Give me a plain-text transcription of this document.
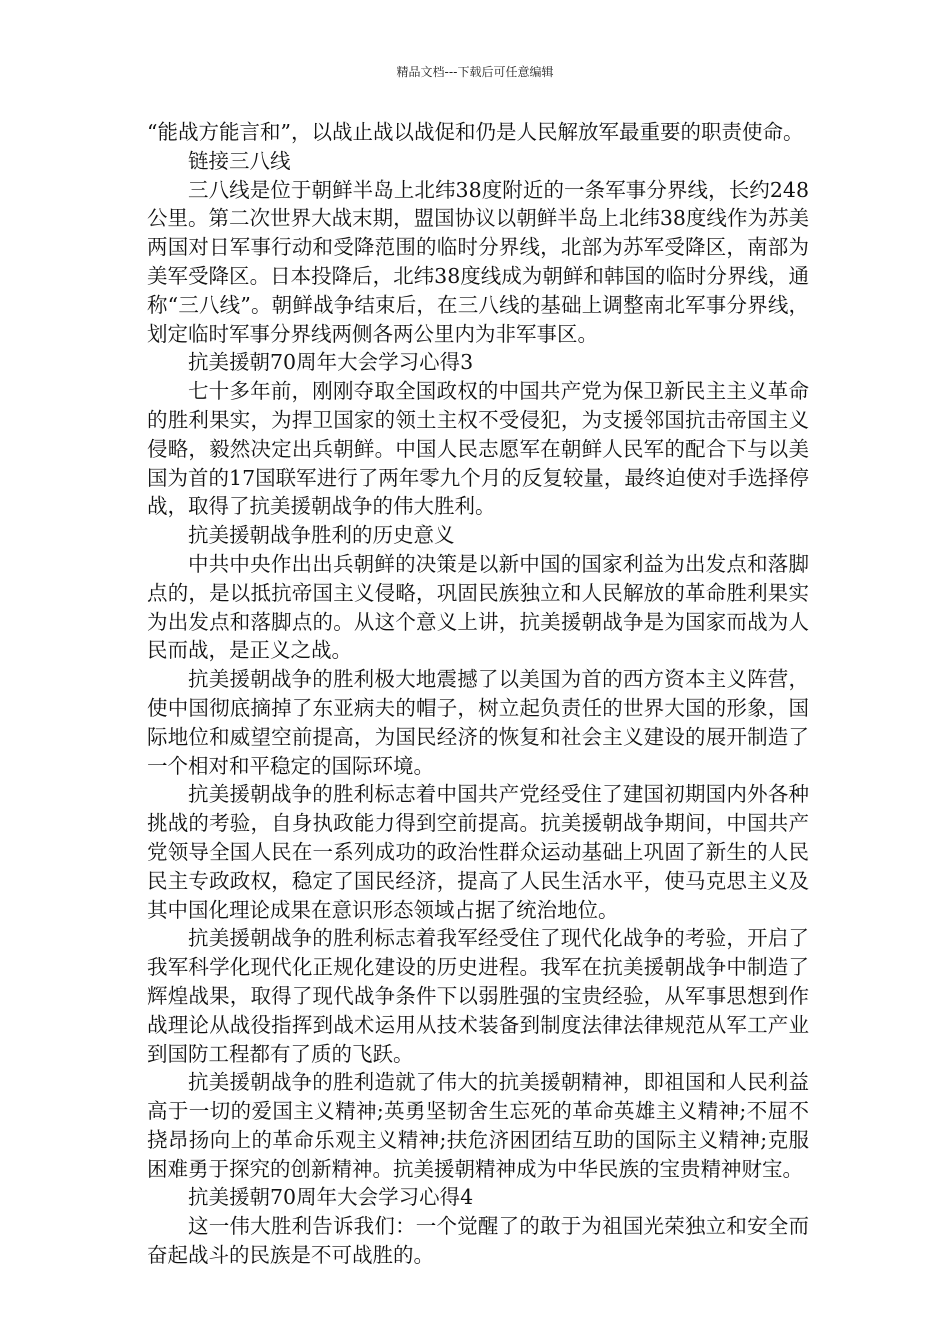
精品文档---下载后可任意编辑

“能战方能言和”，以战止战以战促和仍是人民解放军最重要的职责使命。

链接三八线

三八线是位于朝鲜半岛上北纬38度附近的一条军事分界线，长约248公里。第二次世界大战末期，盟国协议以朝鲜半岛上北纬38度线作为苏美两国对日军事行动和受降范围的临时分界线，北部为苏军受降区，南部为美军受降区。日本投降后，北纬38度线成为朝鲜和韩国的临时分界线，通称“三八线”。朝鲜战争结束后，在三八线的基础上调整南北军事分界线，划定临时军事分界线两侧各两公里内为非军事区。

抗美援朝70周年大会学习心得3

七十多年前，刚刚夺取全国政权的中国共产党为保卫新民主主义革命的胜利果实，为捍卫国家的领土主权不受侵犯，为支援邻国抗击帝国主义侵略，毅然决定出兵朝鲜。中国人民志愿军在朝鲜人民军的配合下与以美国为首的17国联军进行了两年零九个月的反复较量，最终迫使对手选择停战，取得了抗美援朝战争的伟大胜利。

抗美援朝战争胜利的历史意义

中共中央作出出兵朝鲜的决策是以新中国的国家利益为出发点和落脚点的，是以抵抗帝国主义侵略，巩固民族独立和人民解放的革命胜利果实为出发点和落脚点的。从这个意义上讲，抗美援朝战争是为国家而战为人民而战，是正义之战。

抗美援朝战争的胜利极大地震撼了以美国为首的西方资本主义阵营，使中国彻底摘掉了东亚病夫的帽子，树立起负责任的世界大国的形象，国际地位和威望空前提高，为国民经济的恢复和社会主义建设的展开制造了一个相对和平稳定的国际环境。

抗美援朝战争的胜利标志着中国共产党经受住了建国初期国内外各种挑战的考验，自身执政能力得到空前提高。抗美援朝战争期间，中国共产党领导全国人民在一系列成功的政治性群众运动基础上巩固了新生的人民民主专政政权，稳定了国民经济，提高了人民生活水平，使马克思主义及其中国化理论成果在意识形态领域占据了统治地位。

抗美援朝战争的胜利标志着我军经受住了现代化战争的考验，开启了我军科学化现代化正规化建设的历史进程。我军在抗美援朝战争中制造了辉煌战果，取得了现代战争条件下以弱胜强的宝贵经验，从军事思想到作战理论从战役指挥到战术运用从技术装备到制度法律法律规范从军工产业到国防工程都有了质的飞跃。

抗美援朝战争的胜利造就了伟大的抗美援朝精神，即祖国和人民利益高于一切的爱国主义精神;英勇坚韧舍生忘死的革命英雄主义精神;不屈不挠昂扬向上的革命乐观主义精神;扶危济困团结互助的国际主义精神;克服困难勇于探究的创新精神。抗美援朝精神成为中华民族的宝贵精神财宝。

抗美援朝70周年大会学习心得4

这一伟大胜利告诉我们：一个觉醒了的敢于为祖国光荣独立和安全而奋起战斗的民族是不可战胜的。
